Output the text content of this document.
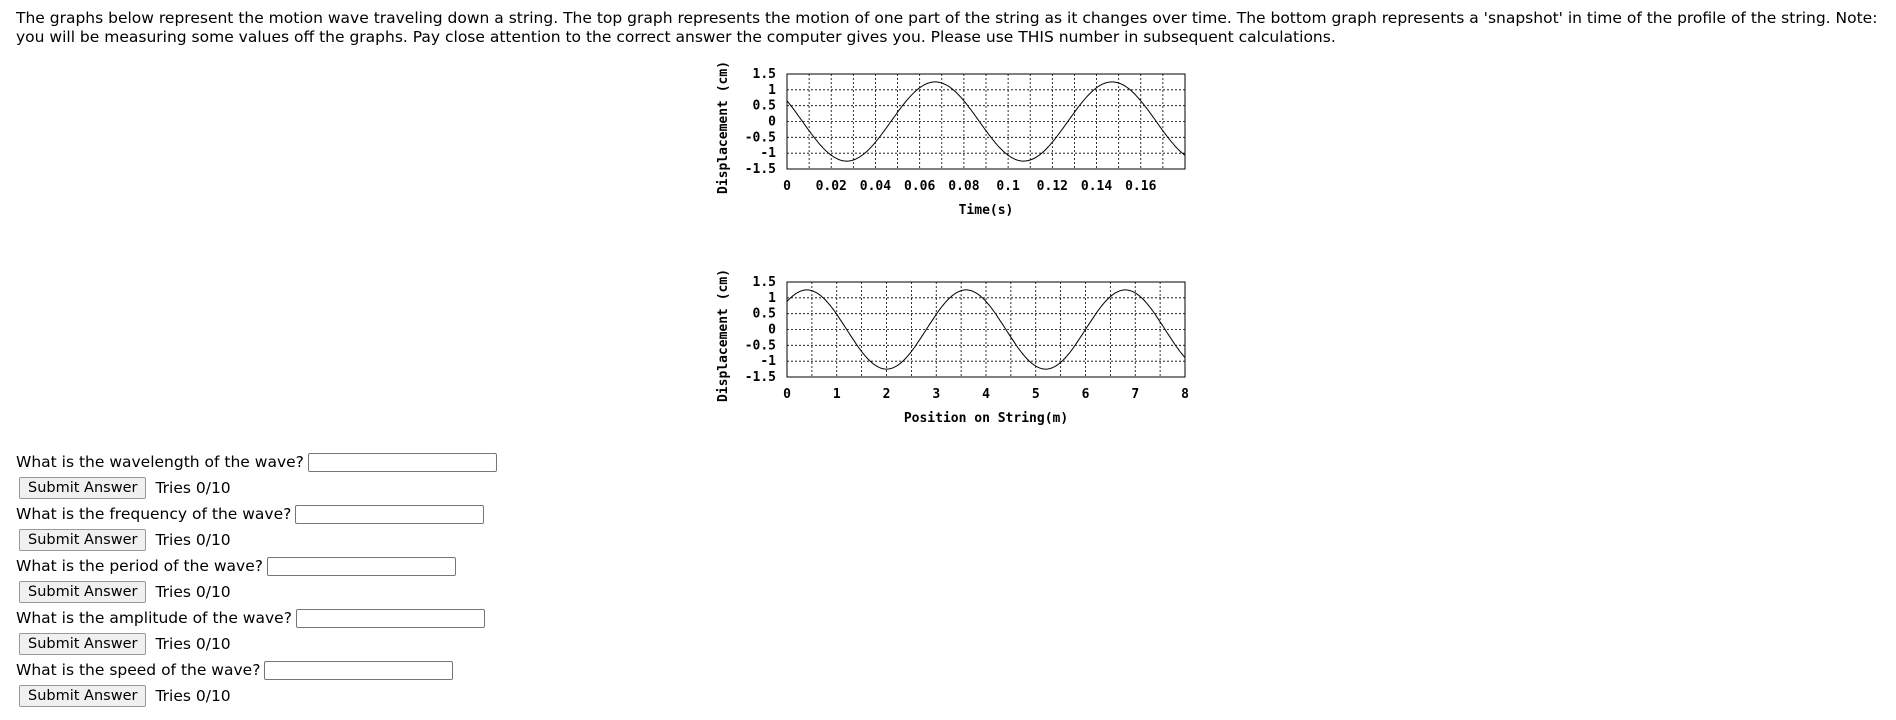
The graphs below represent the motion wave traveling down a string. The top graph represents the motion of one part of the string as it changes over time. The bottom graph represents a 'snapshot' in time of the profile of the string. Note: you will be measuring some values off the graphs. Pay close attention to the correct answer the computer gives you. Please use THIS number in subsequent calculations.

1.5
1
0.5
0
-0.5
-1
-1.5
0 0.02 0.04 0.06 0.08 0.1 0.12 0.14 0.16
Time(s)
Displacement (cm)
1.5
1
0.5
0
-0.5
-1
-1.5
0	1	2	3	4	5	6	7	8
Position on String(m)
Displacement (cm)
What is the wavelength of the wave?
Submit Answer	Tries 0/10
What is the frequency of the wave?
Submit Answer	Tries 0/10
What is the period of the wave?
Submit Answer	Tries 0/10
What is the amplitude of the wave?
Submit Answer	Tries 0/10
What is the speed of the wave?
Submit Answer	Tries 0/10
